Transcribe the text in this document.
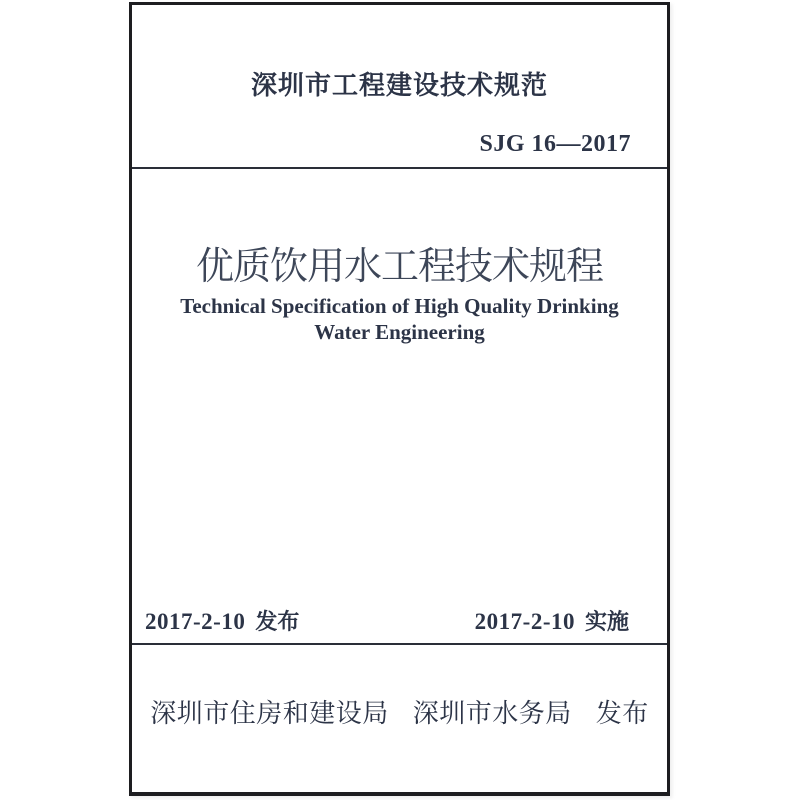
深圳市工程建设技术规范
SJG 16—2017
优质饮用水工程技术规程
Technical Specification of High Quality Drinking
Water Engineering
2017-2-10 发布	2017-2-10 实施
深圳市住房和建设局 深圳市水务局 发布
